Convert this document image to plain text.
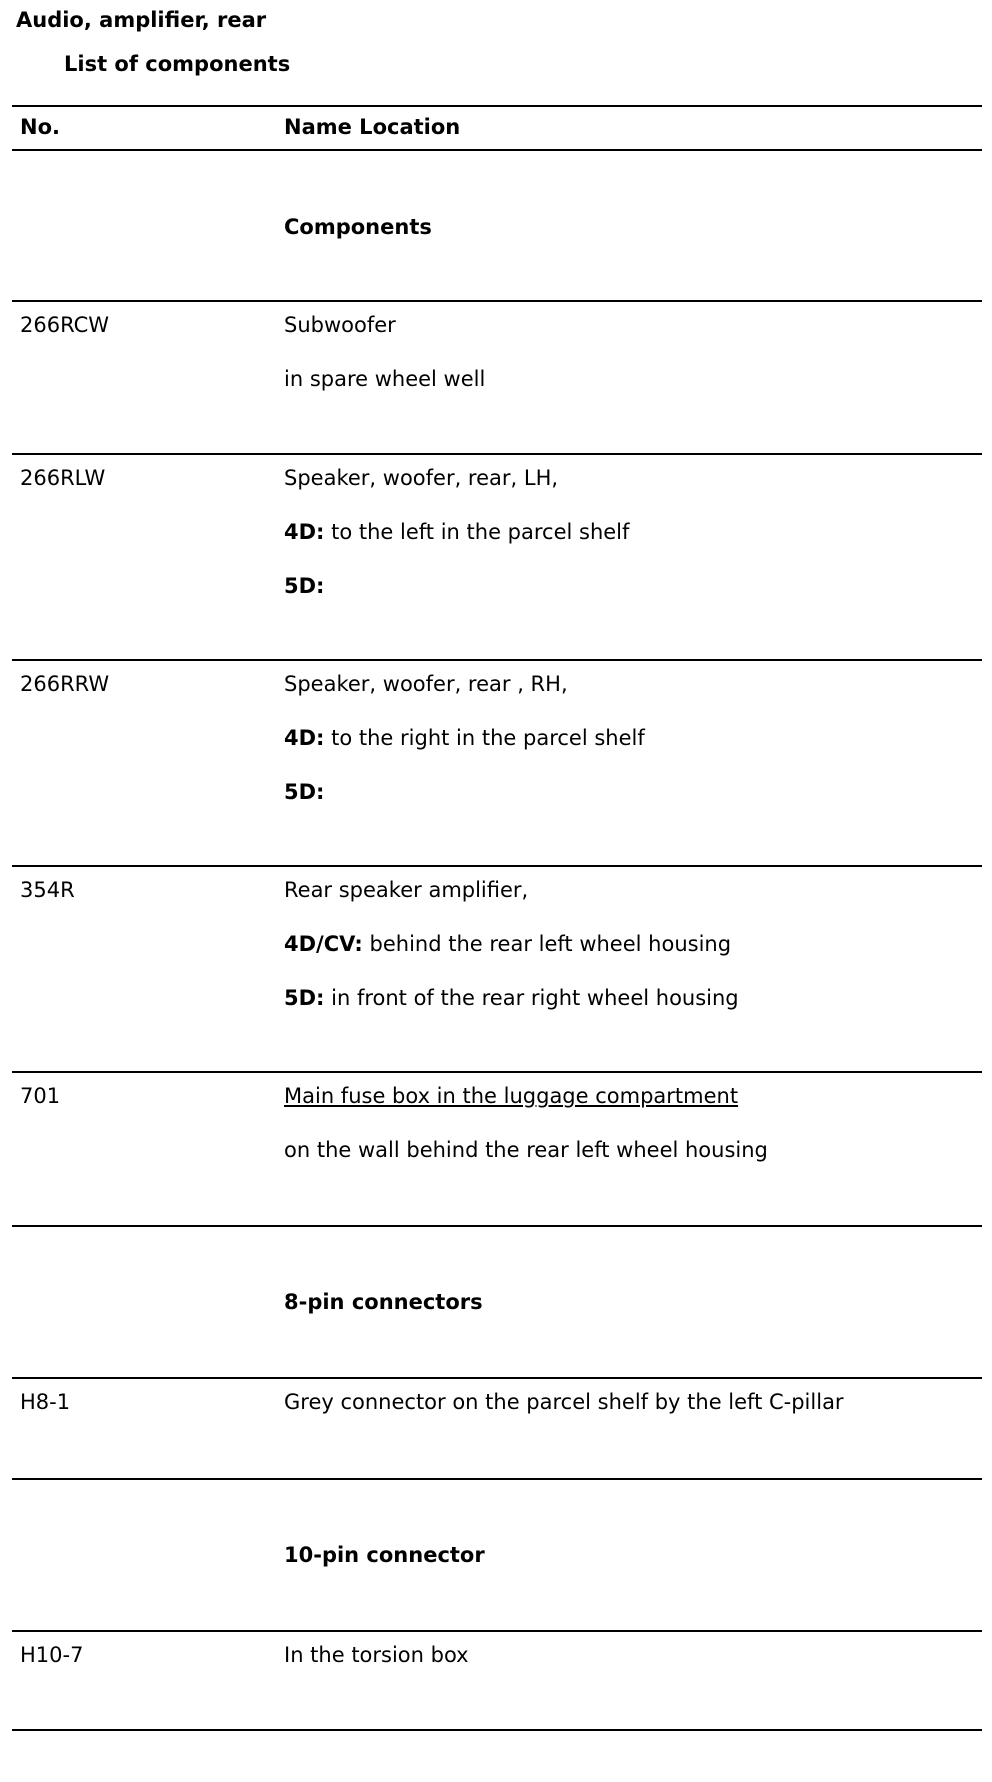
Audio, amplifier, rear
List of components
No.	Name Location
Components
266RCW	Subwoofer
in spare wheel well
266RLW	Speaker, woofer, rear, LH,
4D: to the left in the parcel shelf
5D:
266RRW	Speaker, woofer, rear , RH,
4D: to the right in the parcel shelf
5D:
354R	Rear speaker amplifier,
4D/CV: behind the rear left wheel housing
5D: in front of the rear right wheel housing
701	Main fuse box in the luggage compartment
on the wall behind the rear left wheel housing
8-pin connectors
H8-1	Grey connector on the parcel shelf by the left C-pillar
10-pin connector
H10-7	In the torsion box
